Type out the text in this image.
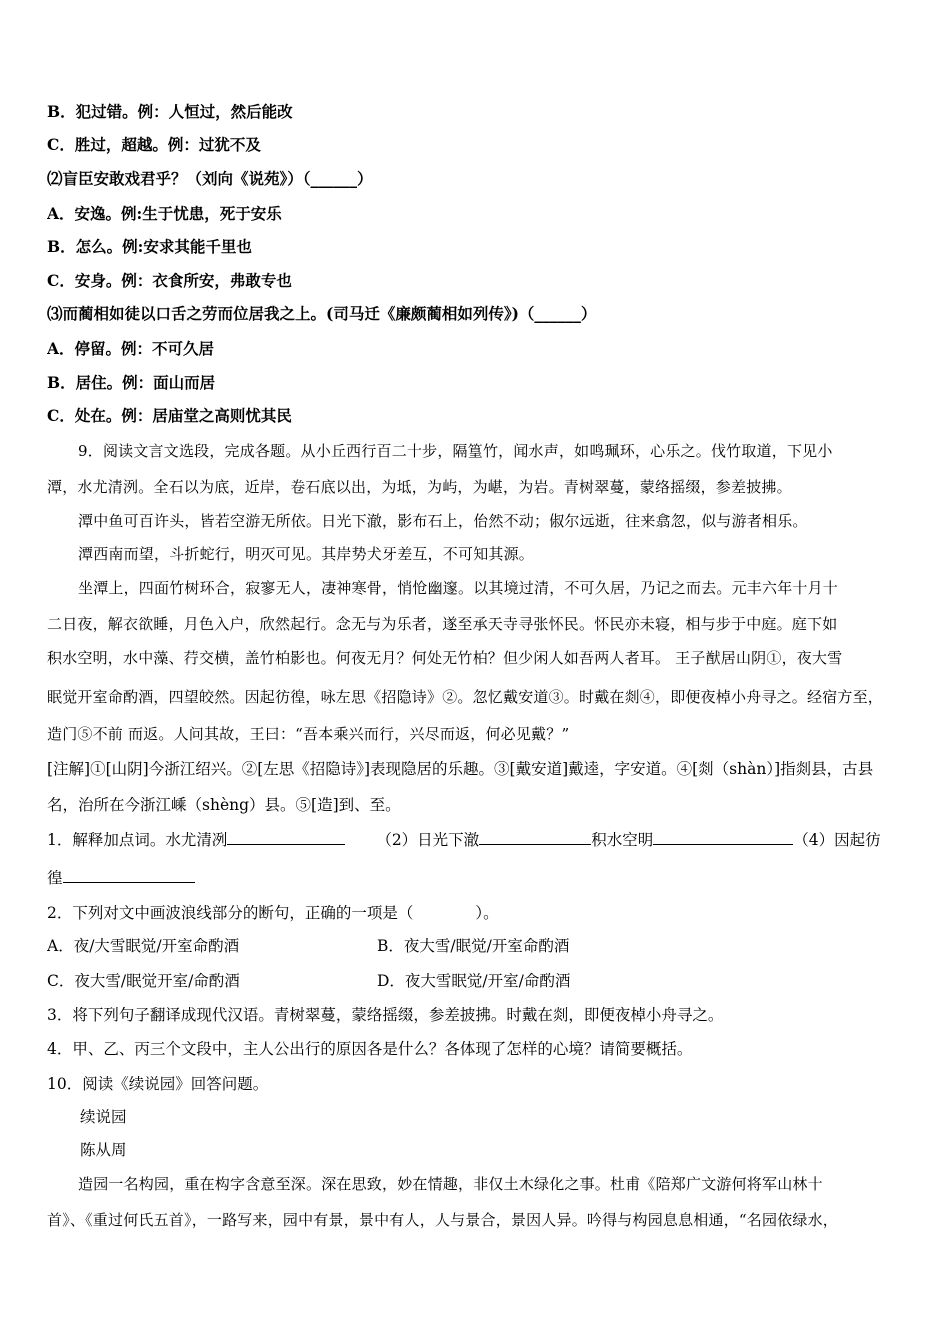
B．犯过错。例：人恒过，然后能改
C．胜过，超越。例：过犹不及
⑵盲臣安敢戏君乎？（刘向《说苑》）（______）
A．安逸。例:生于忧患，死于安乐
B．怎么。例:安求其能千里也
C．安身。例：衣食所安，弗敢专也
⑶而蔺相如徒以口舌之劳而位居我之上。(司马迁《廉颇蔺相如列传》)（______）
A．停留。例：不可久居
B．居住。例：面山而居
C．处在。例：居庙堂之高则忧其民
9．阅读文言文选段，完成各题。从小丘西行百二十步，隔篁竹，闻水声，如鸣珮环，心乐之。伐竹取道，下见小
潭，水尤清洌。全石以为底，近岸，卷石底以出，为坻，为屿，为嵁，为岩。青树翠蔓，蒙络摇缀，参差披拂。
潭中鱼可百许头，皆若空游无所依。日光下澈，影布石上，佁然不动；俶尔远逝，往来翕忽，似与游者相乐。
潭西南而望，斗折蛇行，明灭可见。其岸势犬牙差互，不可知其源。
坐潭上，四面竹树环合，寂寥无人，凄神寒骨，悄怆幽邃。以其境过清，不可久居，乃记之而去。元丰六年十月十
二日夜，解衣欲睡，月色入户，欣然起行。念无与为乐者，遂至承天寺寻张怀民。怀民亦未寝，相与步于中庭。庭下如
积水空明，水中藻、荇交横，盖竹柏影也。何夜无月？何处无竹柏？但少闲人如吾两人者耳。 王子猷居山阴①，夜大雪
眠觉开室命酌酒，四望皎然。因起彷徨，咏左思《招隐诗》②。忽忆戴安道③。时戴在剡④，即便夜棹小舟寻之。经宿方至，
造门⑤不前 而返。人问其故，王曰：“吾本乘兴而行，兴尽而返，何必见戴？”
[注解]①[山阴]今浙江绍兴。②[左思《招隐诗》]表现隐居的乐趣。③[戴安道]戴逵，字安道。④[剡（shàn）]指剡县，古县
名，治所在今浙江嵊（shèng）县。⑤[造]到、至。
1．解释加点词。水尤清冽	（2）日光下澈	积水空明	（4）因起彷
徨
2．下列对文中画波浪线部分的断句，正确的一项是（　　　　）。
A．夜/大雪眠觉/开室命酌酒	B．夜大雪/眠觉/开室命酌酒
C．夜大雪/眠觉开室/命酌酒	D．夜大雪眠觉/开室/命酌酒
3．将下列句子翻译成现代汉语。青树翠蔓，蒙络摇缀，参差披拂。时戴在剡，即便夜棹小舟寻之。
4．甲、乙、丙三个文段中，主人公出行的原因各是什么？各体现了怎样的心境？请简要概括。
10．阅读《续说园》回答问题。
续说园
陈从周
造园一名构园，重在构字含意至深。深在思致，妙在情趣，非仅土木绿化之事。杜甫《陪郑广文游何将军山林十
首》、《重过何氏五首》，一路写来，园中有景，景中有人，人与景合，景因人异。吟得与构园息息相通，“名园依绿水，
